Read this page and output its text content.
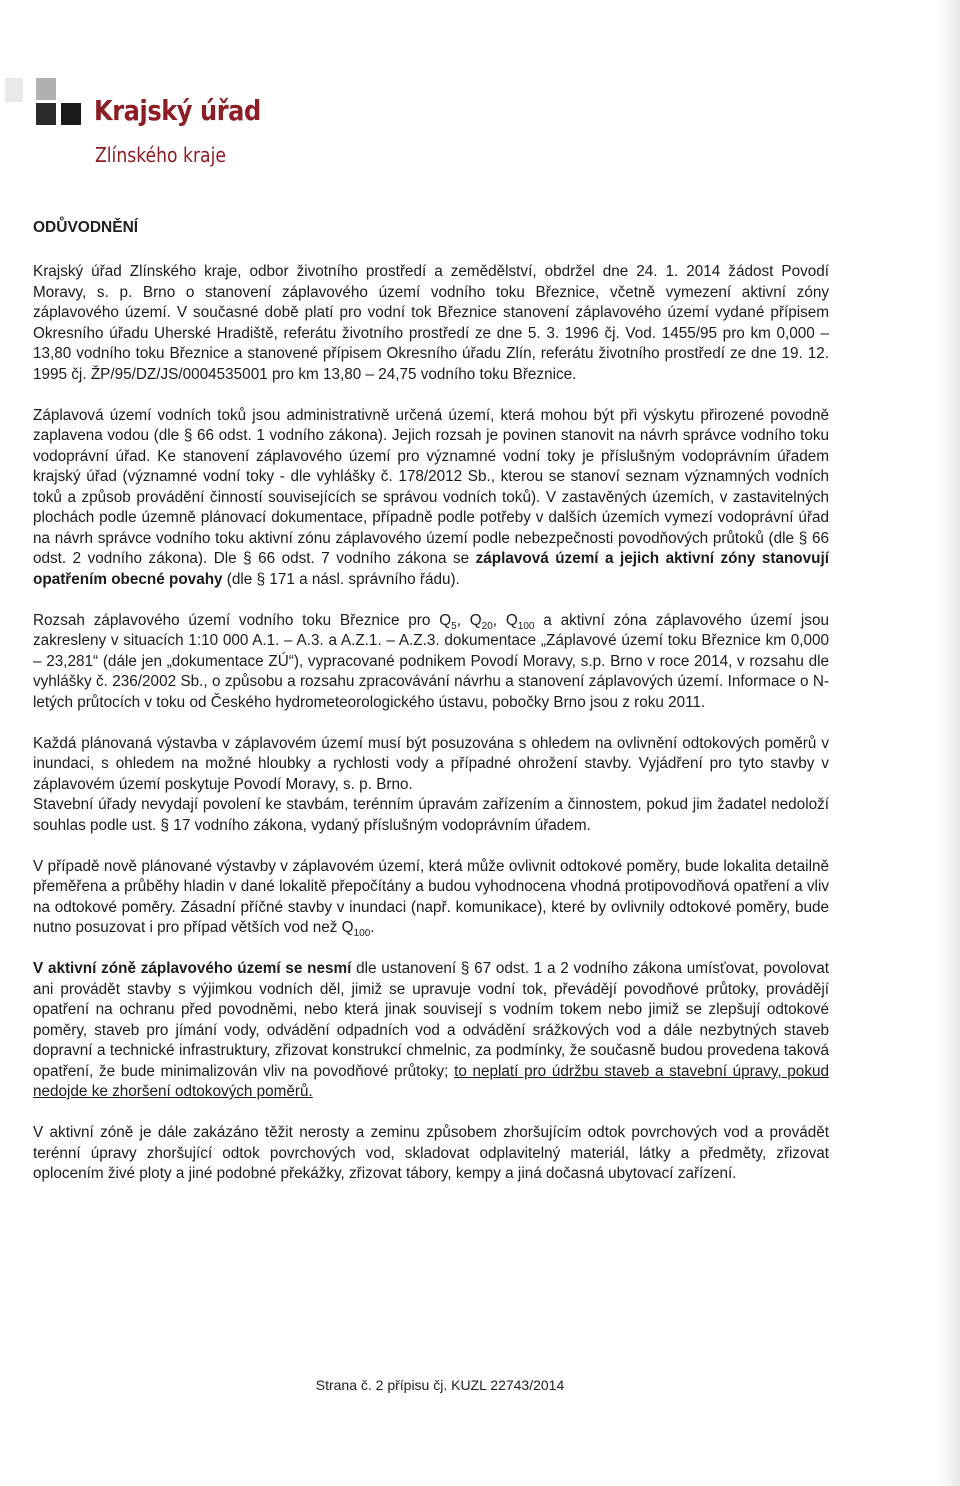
Krajský úřad
Zlínského kraje
ODŮVODNĚNÍ

Krajský úřad Zlínského kraje, odbor životního prostředí a zemědělství, obdržel dne 24. 1. 2014 žádost Povodí Moravy, s. p. Brno o stanovení záplavového území vodního toku Březnice, včetně vymezení aktivní zóny záplavového území. V současné době platí pro vodní tok Březnice stanovení záplavového území vydané přípisem Okresního úřadu Uherské Hradiště, referátu životního prostředí ze dne 5. 3. 1996 čj. Vod. 1455/95 pro km 0,000 – 13,80 vodního toku Březnice a stanovené přípisem Okresního úřadu Zlín, referátu životního prostředí ze dne 19. 12. 1995 čj. ŽP/95/DZ/JS/0004535001 pro km 13,80 – 24,75 vodního toku Březnice.

Záplavová území vodních toků jsou administrativně určená území, která mohou být při výskytu přirozené povodně zaplavena vodou (dle § 66 odst. 1 vodního zákona). Jejich rozsah je povinen stanovit na návrh správce vodního toku vodoprávní úřad. Ke stanovení záplavového území pro významné vodní toky je příslušným vodoprávním úřadem krajský úřad (významné vodní toky - dle vyhlášky č. 178/2012 Sb., kterou se stanoví seznam významných vodních toků a způsob provádění činností souvisejících se správou vodních toků). V zastavěných územích, v zastavitelných plochách podle územně plánovací dokumentace, případně podle potřeby v dalších územích vymezí vodoprávní úřad na návrh správce vodního toku aktivní zónu záplavového území podle nebezpečnosti povodňových průtoků (dle § 66 odst. 2 vodního zákona). Dle § 66 odst. 7 vodního zákona se záplavová území a jejich aktivní zóny stanovují opatřením obecné povahy (dle § 171 a násl. správního řádu).

Rozsah záplavového území vodního toku Březnice pro $Q_5$, $Q_{20}$, $Q_{100}$ a aktivní zóna záplavového území jsou zakresleny v situacích 1:10 000 A.1. – A.3. a A.Z.1. – A.Z.3. dokumentace „Záplavové území toku Březnice km 0,000 – 23,281“ (dále jen „dokumentace ZÚ“), vypracované podnikem Povodí Moravy, s.p. Brno v roce 2014, v rozsahu dle vyhlášky č. 236/2002 Sb., o způsobu a rozsahu zpracovávání návrhu a stanovení záplavových území. Informace o N-letých průtocích v toku od Českého hydrometeorologického ústavu, pobočky Brno jsou z roku 2011.

Každá plánovaná výstavba v záplavovém území musí být posuzována s ohledem na ovlivnění odtokových poměrů v inundaci, s ohledem na možné hloubky a rychlosti vody a případné ohrožení stavby. Vyjádření pro tyto stavby v záplavovém území poskytuje Povodí Moravy, s. p. Brno.

Stavební úřady nevydají povolení ke stavbám, terénním úpravám zařízením a činnostem, pokud jim žadatel nedoloží souhlas podle ust. § 17 vodního zákona, vydaný příslušným vodoprávním úřadem.

V případě nově plánované výstavby v záplavovém území, která může ovlivnit odtokové poměry, bude lokalita detailně přeměřena a průběhy hladin v dané lokalitě přepočítány a budou vyhodnocena vhodná protipovodňová opatření a vliv na odtokové poměry. Zásadní příčné stavby v inundaci (např. komunikace), které by ovlivnily odtokové poměry, bude nutno posuzovat i pro případ větších vod než $Q_{100}$.

V aktivní zóně záplavového území se nesmí dle ustanovení § 67 odst. 1 a 2 vodního zákona umísťovat, povolovat ani provádět stavby s výjimkou vodních děl, jimiž se upravuje vodní tok, převádějí povodňové průtoky, provádějí opatření na ochranu před povodněmi, nebo která jinak souvisejí s vodním tokem nebo jimiž se zlepšují odtokové poměry, staveb pro jímání vody, odvádění odpadních vod a odvádění srážkových vod a dále nezbytných staveb dopravní a technické infrastruktury, zřizovat konstrukcí chmelnic, za podmínky, že současně budou provedena taková opatření, že bude minimalizován vliv na povodňové průtoky; to neplatí pro údržbu staveb a stavební úpravy, pokud nedojde ke zhoršení odtokových poměrů.

V aktivní zóně je dále zakázáno těžit nerosty a zeminu způsobem zhoršujícím odtok povrchových vod a provádět terénní úpravy zhoršující odtok povrchových vod, skladovat odplavitelný materiál, látky a předměty, zřizovat oplocením živé ploty a jiné podobné překážky, zřizovat tábory, kempy a jiná dočasná ubytovací zařízení.

Strana č. 2 přípisu čj. KUZL 22743/2014
